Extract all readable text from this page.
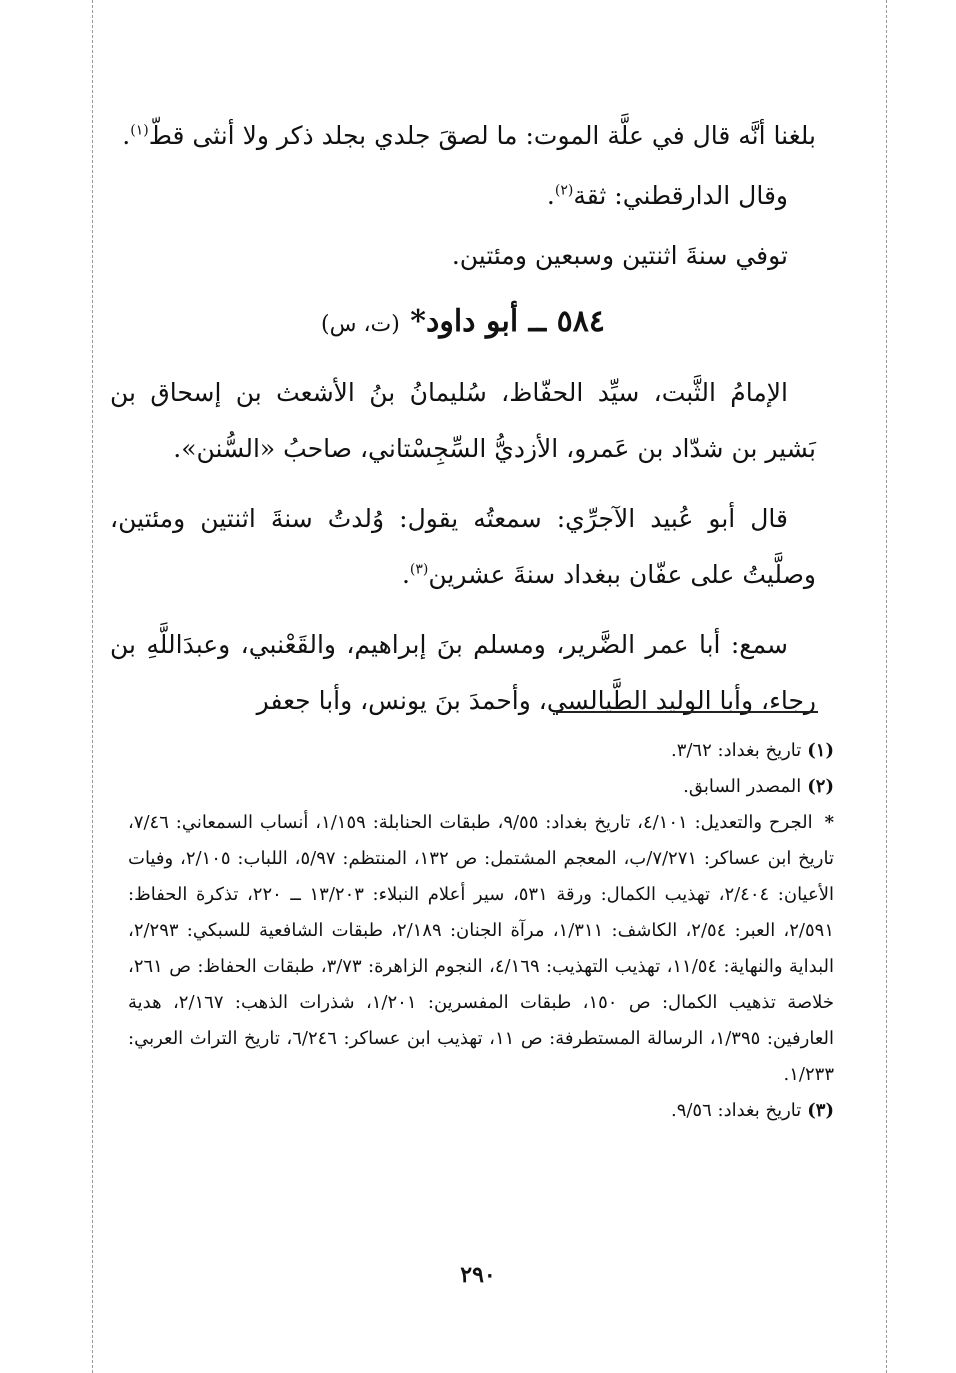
بلغنا أنَّه قال في علَّة الموت: ما لصقَ جلدي بجلد ذكر ولا أنثى قطّ$^{(١)}$.

وقال الدارقطني: ثقة$^{(٢)}$.

توفي سنةَ اثنتين وسبعين ومئتين.

٥٨٤ ــ أبو داود* (ت، س)

الإمامُ الثَّبت، سيِّد الحفّاظ، سُليمانُ بنُ الأشعث بن إسحاق بن بَشير بن شدّاد بن عَمرو، الأزديُّ السِّجِسْتاني، صاحبُ «السُّنن».

قال أبو عُبيد الآجرِّي: سمعتُه يقول: وُلدتُ سنةَ اثنتين ومئتين، وصلَّيتُ على عفّان ببغداد سنةَ عشرين$^{(٣)}$.

سمع: أبا عمر الضَّرير، ومسلم بنَ إبراهيم، والقَعْنبي، وعبدَاللَّهِ بن رجاء، وأبا الوليد الطَّيالسي، وأحمدَ بنَ يونس، وأبا جعفر

(١)تاريخ بغداد: ٣/٦٢.

(٢)المصدر السابق.

*الجرح والتعديل: ٤/١٠١، تاريخ بغداد: ٩/٥٥، طبقات الحنابلة: ١/١٥٩، أنساب السمعاني: ٧/٤٦، تاريخ ابن عساكر: ٧/٢٧١/ب، المعجم المشتمل: ص ١٣٢، المنتظم: ٥/٩٧، اللباب: ٢/١٠٥، وفيات الأعيان: ٢/٤٠٤، تهذيب الكمال: ورقة ٥٣١، سير أعلام النبلاء: ١٣/٢٠٣ ــ ٢٢٠، تذكرة الحفاظ: ٢/٥٩١، العبر: ٢/٥٤، الكاشف: ١/٣١١، مرآة الجنان: ٢/١٨٩، طبقات الشافعية للسبكي: ٢/٢٩٣، البداية والنهاية: ١١/٥٤، تهذيب التهذيب: ٤/١٦٩، النجوم الزاهرة: ٣/٧٣، طبقات الحفاظ: ص ٢٦١، خلاصة تذهيب الكمال: ص ١٥٠، طبقات المفسرين: ١/٢٠١، شذرات الذهب: ٢/١٦٧، هدية العارفين: ١/٣٩٥، الرسالة المستطرفة: ص ١١، تهذيب ابن عساكر: ٦/٢٤٦، تاريخ التراث العربي: ١/٢٣٣.

(٣)تاريخ بغداد: ٩/٥٦.

٢٩٠
